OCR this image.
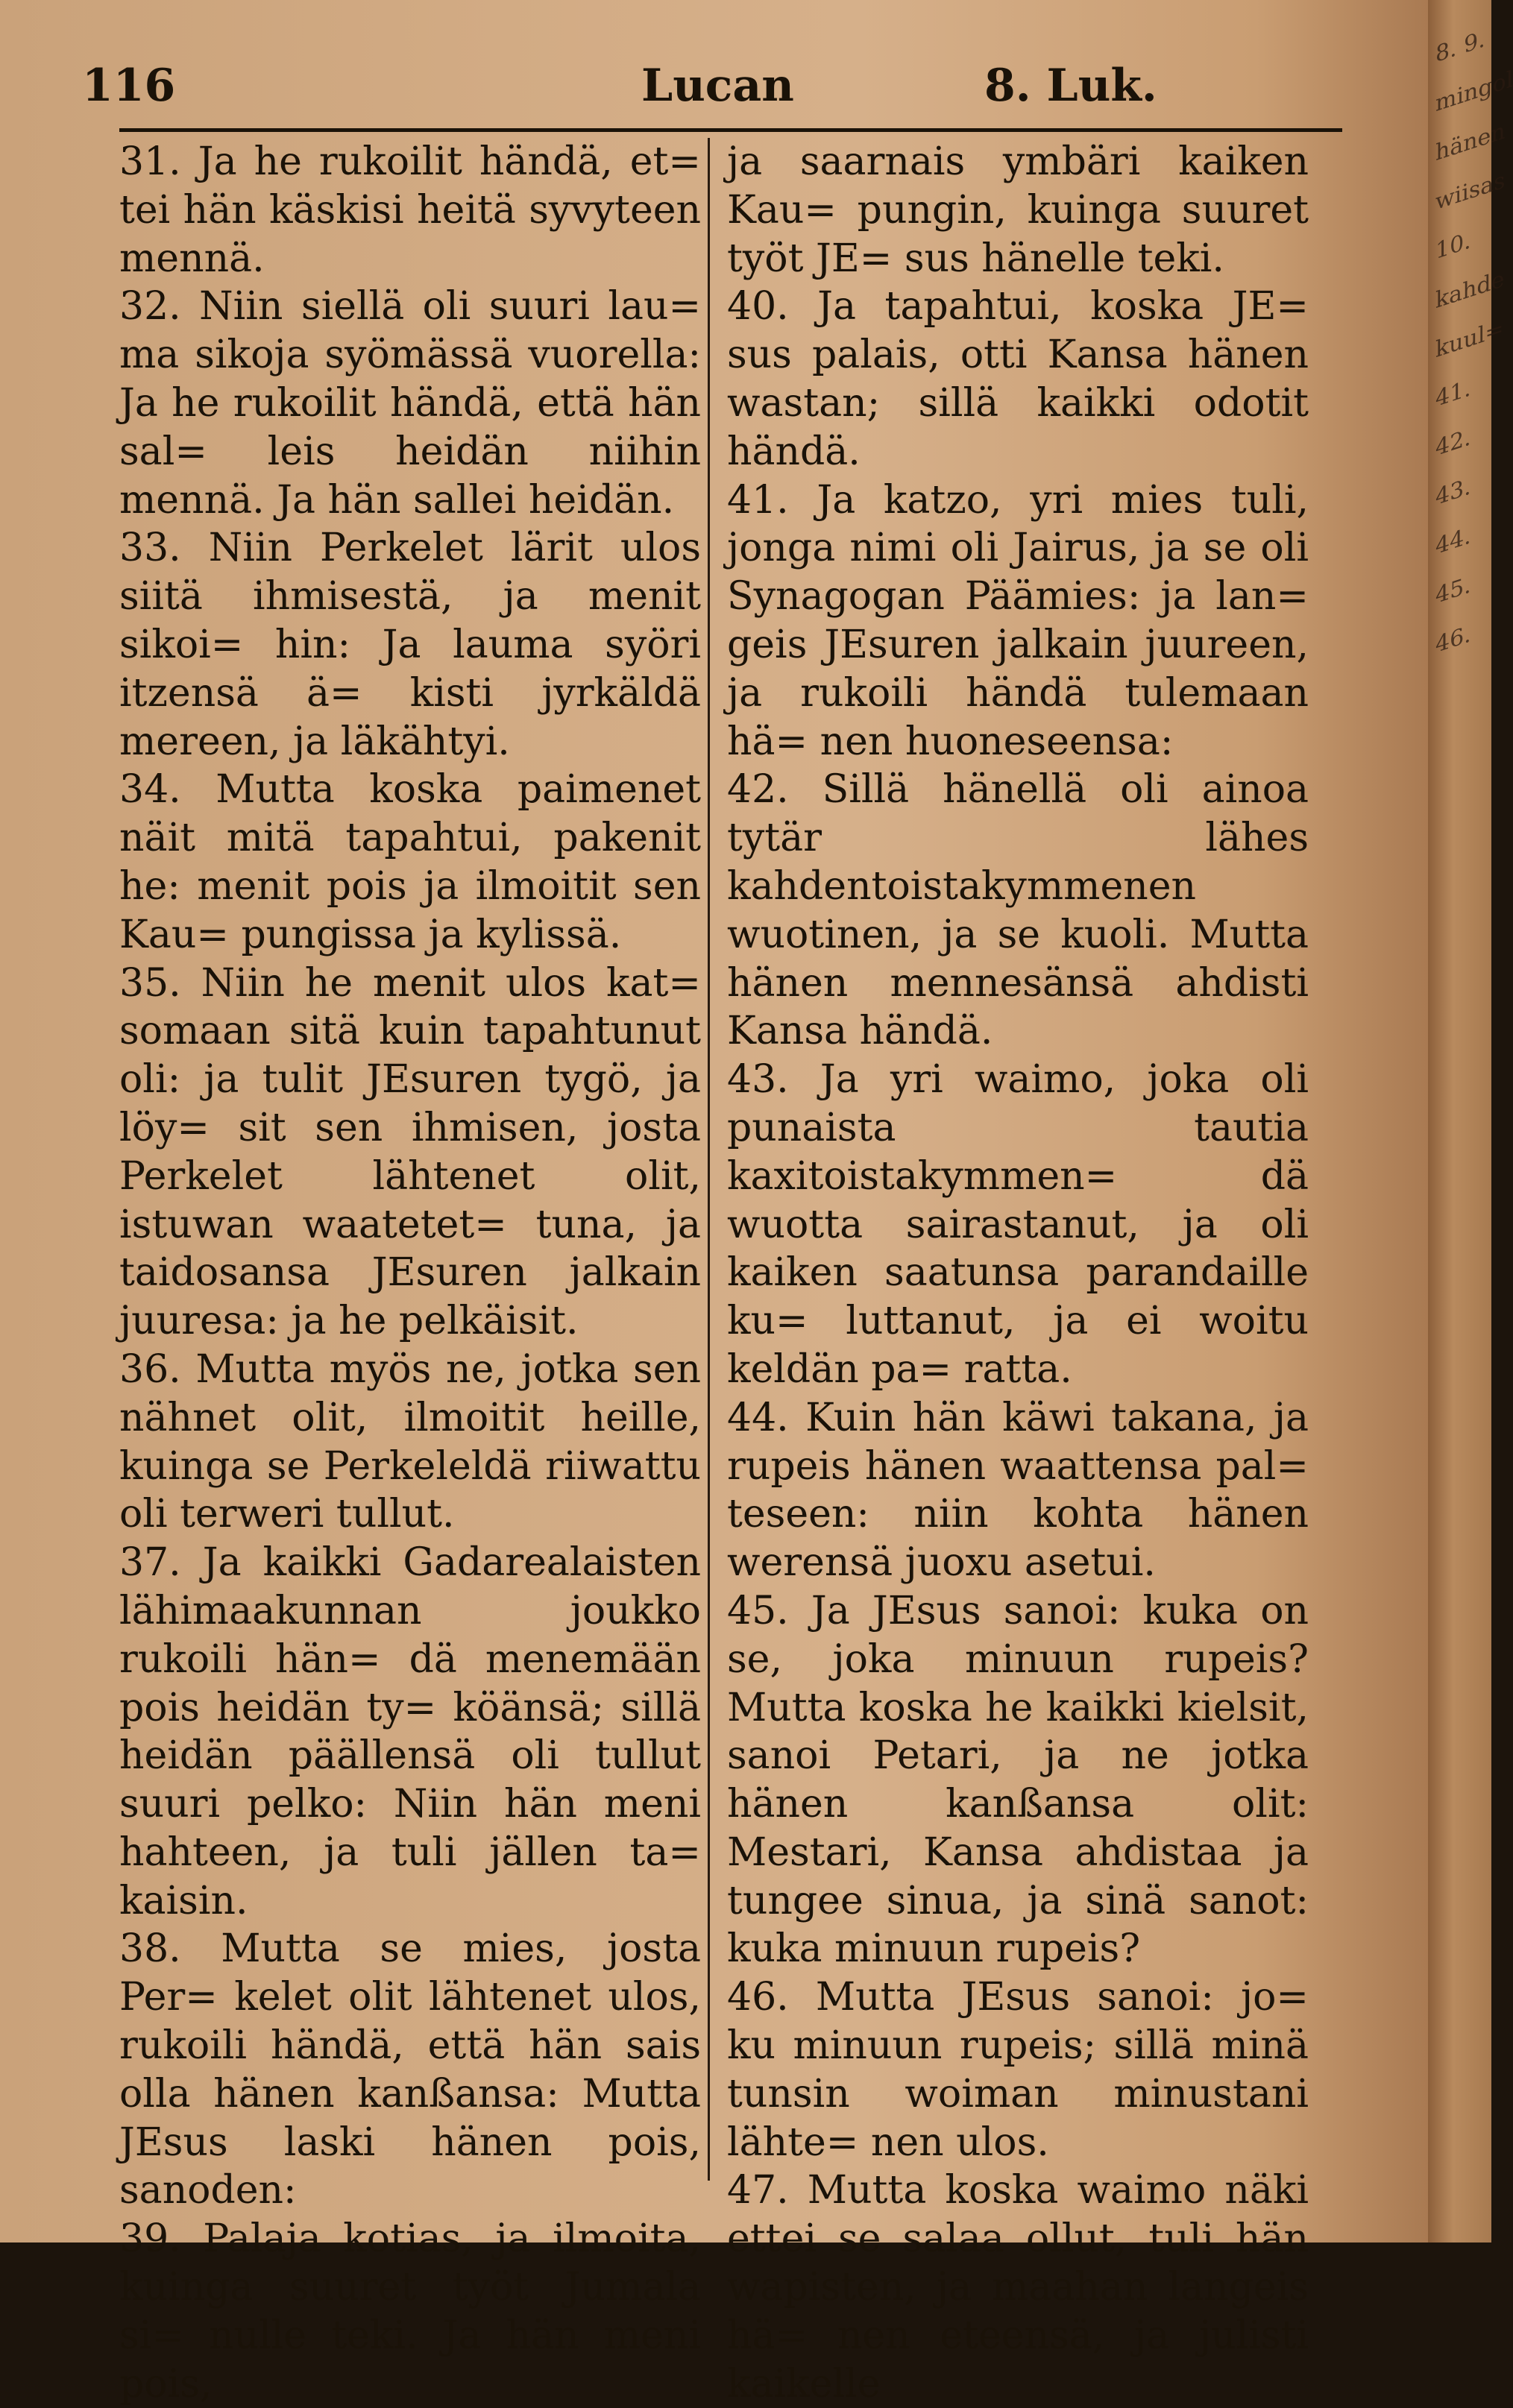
116	Lucan	8. Luk.

31. Ja he rukoilit händä, et= tei hän käskisi heitä syvyteen mennä.

32. Niin siellä oli suuri lau= ma sikoja syömässä vuorella: Ja he rukoilit händä, että hän sal= leis heidän niihin mennä. Ja hän sallei heidän.

33. Niin Perkelet lärit ulos siitä ihmisestä, ja menit sikoi= hin: Ja lauma syöri itzensä ä= kisti jyrkäldä mereen, ja läkähtyi.

34. Mutta koska paimenet näit mitä tapahtui, pakenit he: menit pois ja ilmoitit sen Kau= pungissa ja kylissä.

35. Niin he menit ulos kat= somaan sitä kuin tapahtunut oli: ja tulit JEsuren tygö, ja löy= sit sen ihmisen, josta Perkelet lähtenet olit, istuwan waatetet= tuna, ja taidosansa JEsuren jalkain juuresa: ja he pelkäisit.

36. Mutta myös ne, jotka sen nähnet olit, ilmoitit heille, kuinga se Perkeleldä riiwattu oli terweri tullut.

37. Ja kaikki Gadarealaisten lähimaakunnan joukko rukoili hän= dä menemään pois heidän ty= köänsä; sillä heidän päällensä oli tullut suuri pelko: Niin hän meni hahteen, ja tuli jällen ta= kaisin.

38. Mutta se mies, josta Per= kelet olit lähtenet ulos, rukoili händä, että hän sais olla hänen kanßansa: Mutta JEsus laski hänen pois, sanoden:

39. Palaja kotias, ja ilmoita, kuinga suuret työt Jumala si= nulle teki. Ja hän meni pois,

ja saarnais ymbäri kaiken Kau= pungin, kuinga suuret työt JE= sus hänelle teki.

40. Ja tapahtui, koska JE= sus palais, otti Kansa hänen wastan; sillä kaikki odotit händä.

41. Ja katzo, yri mies tuli, jonga nimi oli Jairus, ja se oli Synagogan Päämies: ja lan= geis JEsuren jalkain juureen, ja rukoili händä tulemaan hä= nen huoneseensa:

42. Sillä hänellä oli ainoa tytär lähes kahdentoistakymmenen wuotinen, ja se kuoli. Mutta hänen mennesänsä ahdisti Kansa händä.

43. Ja yri waimo, joka oli punaista tautia kaxitoistakymmen= dä wuotta sairastanut, ja oli kaiken saatunsa parandaille ku= luttanut, ja ei woitu keldän pa= ratta.

44. Kuin hän käwi takana, ja rupeis hänen waattensa pal= teseen: niin kohta hänen werensä juoxu asetui.

45. Ja JEsus sanoi: kuka on se, joka minuun rupeis? Mutta koska he kaikki kielsit, sanoi Petari, ja ne jotka hänen kanßansa olit: Mestari, Kansa ahdistaa ja tungee sinua, ja sinä sanot: kuka minuun rupeis?

46. Mutta JEsus sanoi: jo= ku minuun rupeis; sillä minä tunsin woiman minustani lähte= nen ulos.

47. Mutta koska waimo näki ettei se salaa ollut, tuli hän wapisten, ja maahan langeis hä= nen eteensä, ja julisti kaikelle

8. 9.
mingol
hänen
wiisas
10.
kahde
kuul=
41.
42.
43.
44.
45.
46.
